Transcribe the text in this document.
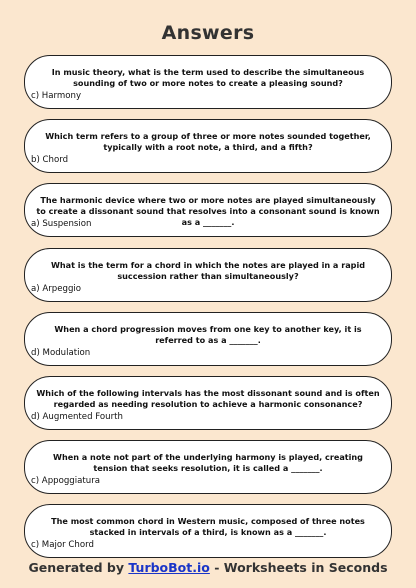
Answers
In music theory, what is the term used to describe the simultaneous sounding of two or more notes to create a pleasing sound?
c) Harmony
Which term refers to a group of three or more notes sounded together, typically with a root note, a third, and a fifth?
b) Chord
The harmonic device where two or more notes are played simultaneously to create a dissonant sound that resolves into a consonant sound is known as a _______.
a) Suspension
What is the term for a chord in which the notes are played in a rapid succession rather than simultaneously?
a) Arpeggio
When a chord progression moves from one key to another key, it is referred to as a _______.
d) Modulation
Which of the following intervals has the most dissonant sound and is often regarded as needing resolution to achieve a harmonic consonance?
d) Augmented Fourth
When a note not part of the underlying harmony is played, creating tension that seeks resolution, it is called a _______.
c) Appoggiatura
The most common chord in Western music, composed of three notes stacked in intervals of a third, is known as a _______.
c) Major Chord
Generated by TurboBot.io - Worksheets in Seconds
